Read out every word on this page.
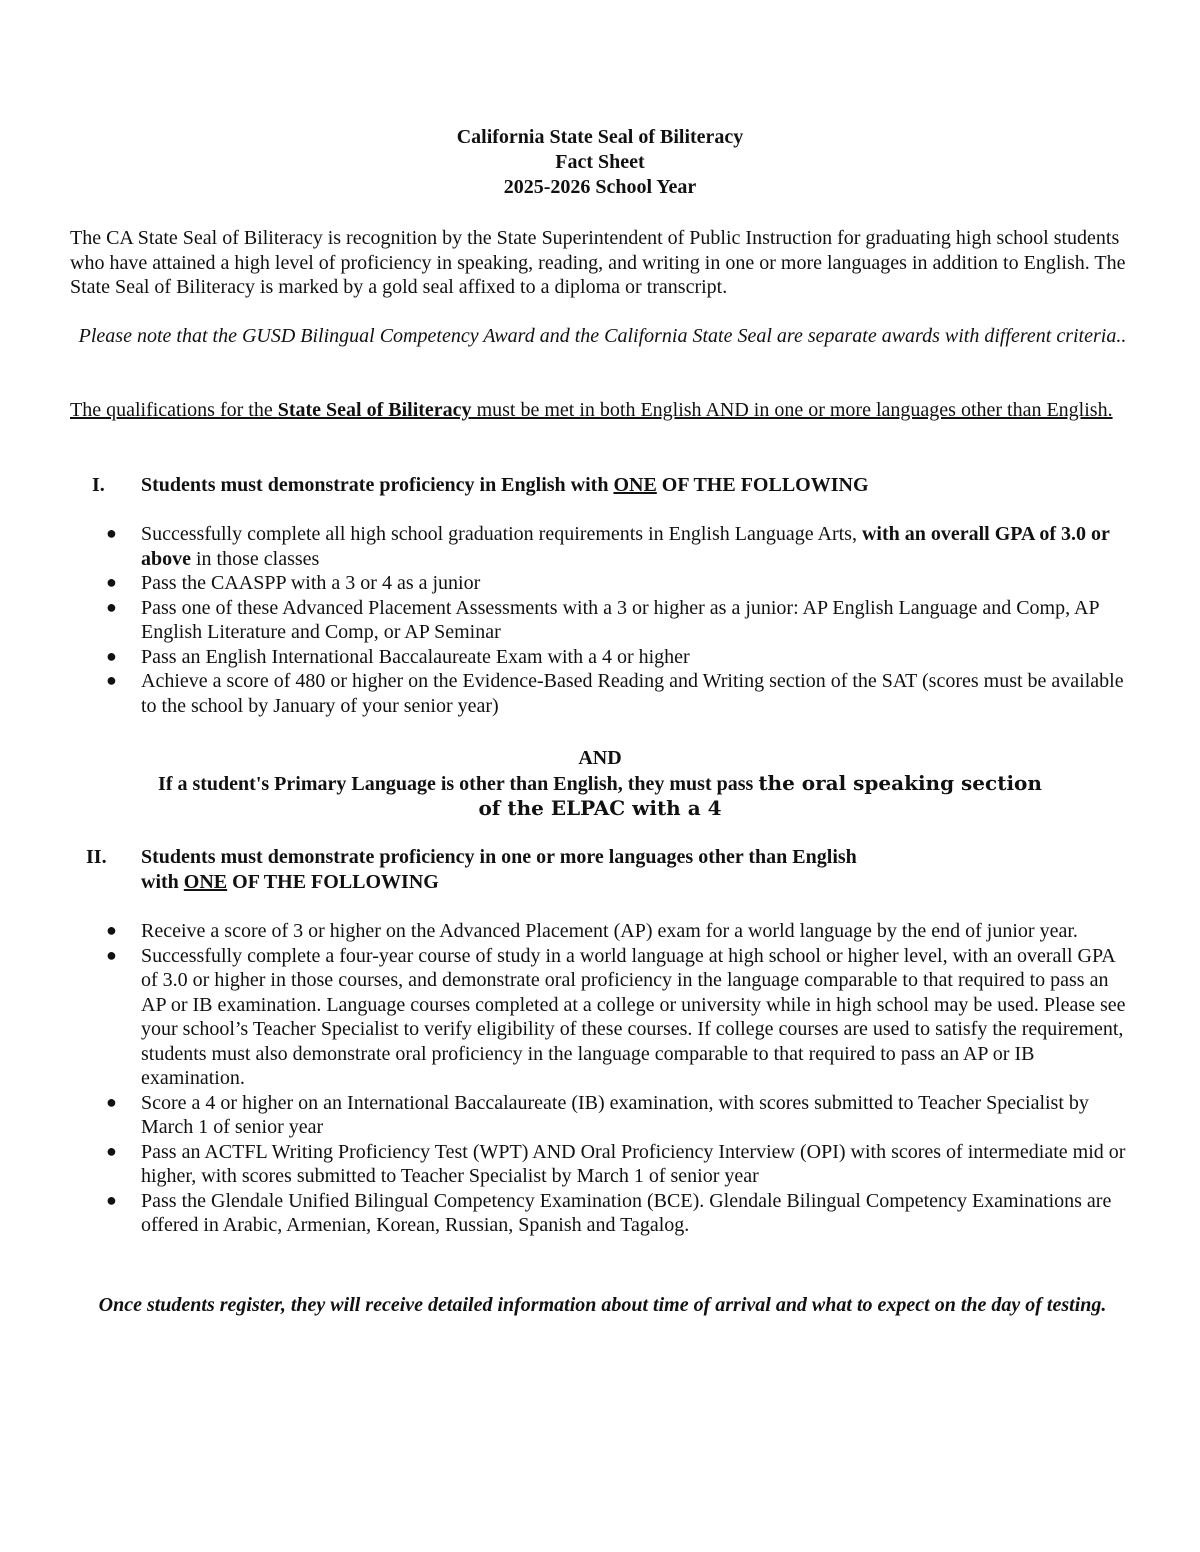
California State Seal of Biliteracy
Fact Sheet
2025-2026 School Year

The CA State Seal of Biliteracy is recognition by the State Superintendent of Public Instruction for graduating high school students who have attained a high level of proficiency in speaking, reading, and writing in one or more languages in addition to English. The State Seal of Biliteracy is marked by a gold seal affixed to a diploma or transcript.

Please note that the GUSD Bilingual Competency Award and the California State Seal are separate awards with different criteria..

The qualifications for the State Seal of Biliteracy must be met in both English AND in one or more languages other than English.

I. Students must demonstrate proficiency in English with ONE OF THE FOLLOWING
● Successfully complete all high school graduation requirements in English Language Arts, with an overall GPA of 3.0 or above in those classes
● Pass the CAASPP with a 3 or 4 as a junior
● Pass one of these Advanced Placement Assessments with a 3 or higher as a junior: AP English Language and Comp, AP English Literature and Comp, or AP Seminar
● Pass an English International Baccalaureate Exam with a 4 or higher
● Achieve a score of 480 or higher on the Evidence-Based Reading and Writing section of the SAT (scores must be available to the school by January of your senior year)
AND
If a student's Primary Language is other than English, they must pass the oral speaking section
of the ELPAC with a 4
II. Students must demonstrate proficiency in one or more languages other than English
with ONE OF THE FOLLOWING
● Receive a score of 3 or higher on the Advanced Placement (AP) exam for a world language by the end of junior year.
● Successfully complete a four-year course of study in a world language at high school or higher level, with an overall GPA of 3.0 or higher in those courses, and demonstrate oral proficiency in the language comparable to that required to pass an AP or IB examination. Language courses completed at a college or university while in high school may be used. Please see your school’s Teacher Specialist to verify eligibility of these courses. If college courses are used to satisfy the requirement, students must also demonstrate oral proficiency in the language comparable to that required to pass an AP or IB examination.
● Score a 4 or higher on an International Baccalaureate (IB) examination, with scores submitted to Teacher Specialist by March 1 of senior year
● Pass an ACTFL Writing Proficiency Test (WPT) AND Oral Proficiency Interview (OPI) with scores of intermediate mid or higher, with scores submitted to Teacher Specialist by March 1 of senior year
● Pass the Glendale Unified Bilingual Competency Examination (BCE). Glendale Bilingual Competency Examinations are offered in Arabic, Armenian, Korean, Russian, Spanish and Tagalog.

Once students register, they will receive detailed information about time of arrival and what to expect on the day of testing.
